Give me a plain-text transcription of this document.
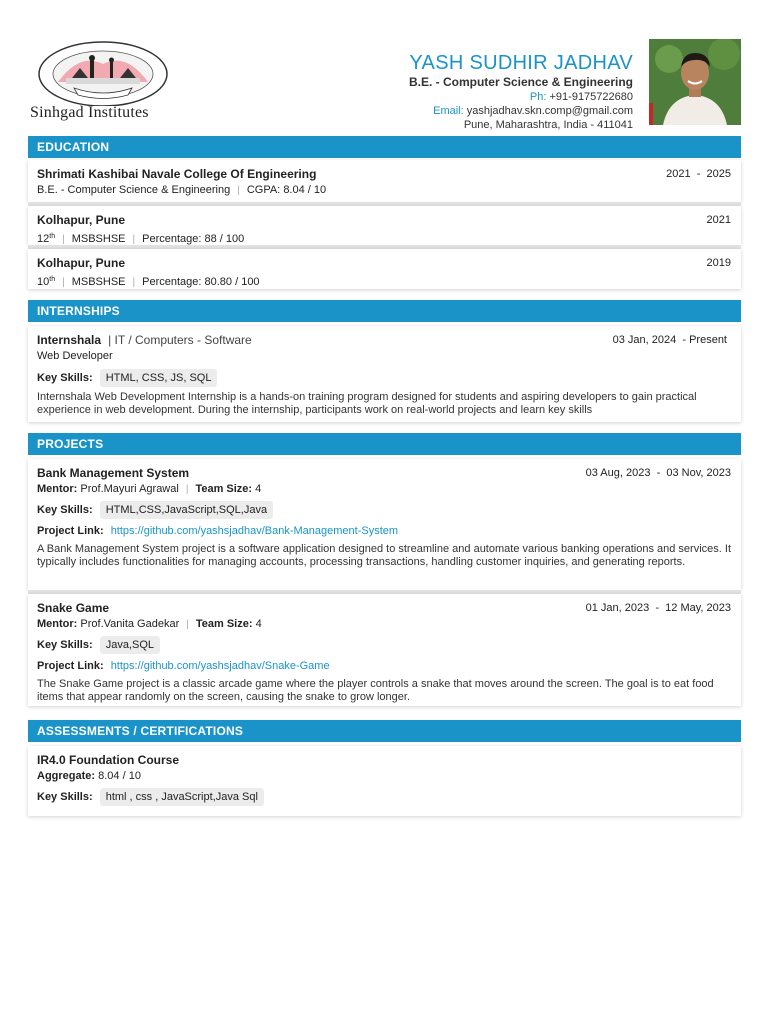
Sinhgad Institutes
YASH SUDHIR JADHAV
B.E. - Computer Science & Engineering
Ph: +91-9175722680
Email: yashjadhav.skn.comp@gmail.com
Pune, Maharashtra, India - 411041
EDUCATION
Shrimati Kashibai Navale College Of Engineering	2021 - 2025
B.E. - Computer Science & Engineering | CGPA: 8.04 / 10
Kolhapur, Pune	2021
12th | MSBSHSE | Percentage: 88 / 100
Kolhapur, Pune	2019
10th | MSBSHSE | Percentage: 80.80 / 100
INTERNSHIPS
Internshala | IT / Computers - Software	03 Jan, 2024 - Present
Web Developer
Key Skills: HTML, CSS, JS, SQL
Internshala Web Development Internship is a hands-on training program designed for students and aspiring developers to gain practical experience in web development. During the internship, participants work on real-world projects and learn key skills
PROJECTS
Bank Management System	03 Aug, 2023 - 03 Nov, 2023
Mentor: Prof.Mayuri Agrawal | Team Size: 4
Key Skills: HTML,CSS,JavaScript,SQL,Java
Project Link: https://github.com/yashsjadhav/Bank-Management-System
A Bank Management System project is a software application designed to streamline and automate various banking operations and services. It typically includes functionalities for managing accounts, processing transactions, handling customer inquiries, and generating reports.
Snake Game	01 Jan, 2023 - 12 May, 2023
Mentor: Prof.Vanita Gadekar | Team Size: 4
Key Skills: Java,SQL
Project Link: https://github.com/yashsjadhav/Snake-Game
The Snake Game project is a classic arcade game where the player controls a snake that moves around the screen. The goal is to eat food items that appear randomly on the screen, causing the snake to grow longer.
ASSESSMENTS / CERTIFICATIONS
IR4.0 Foundation Course
Aggregate: 8.04 / 10
Key Skills: html , css , JavaScript,Java Sql
